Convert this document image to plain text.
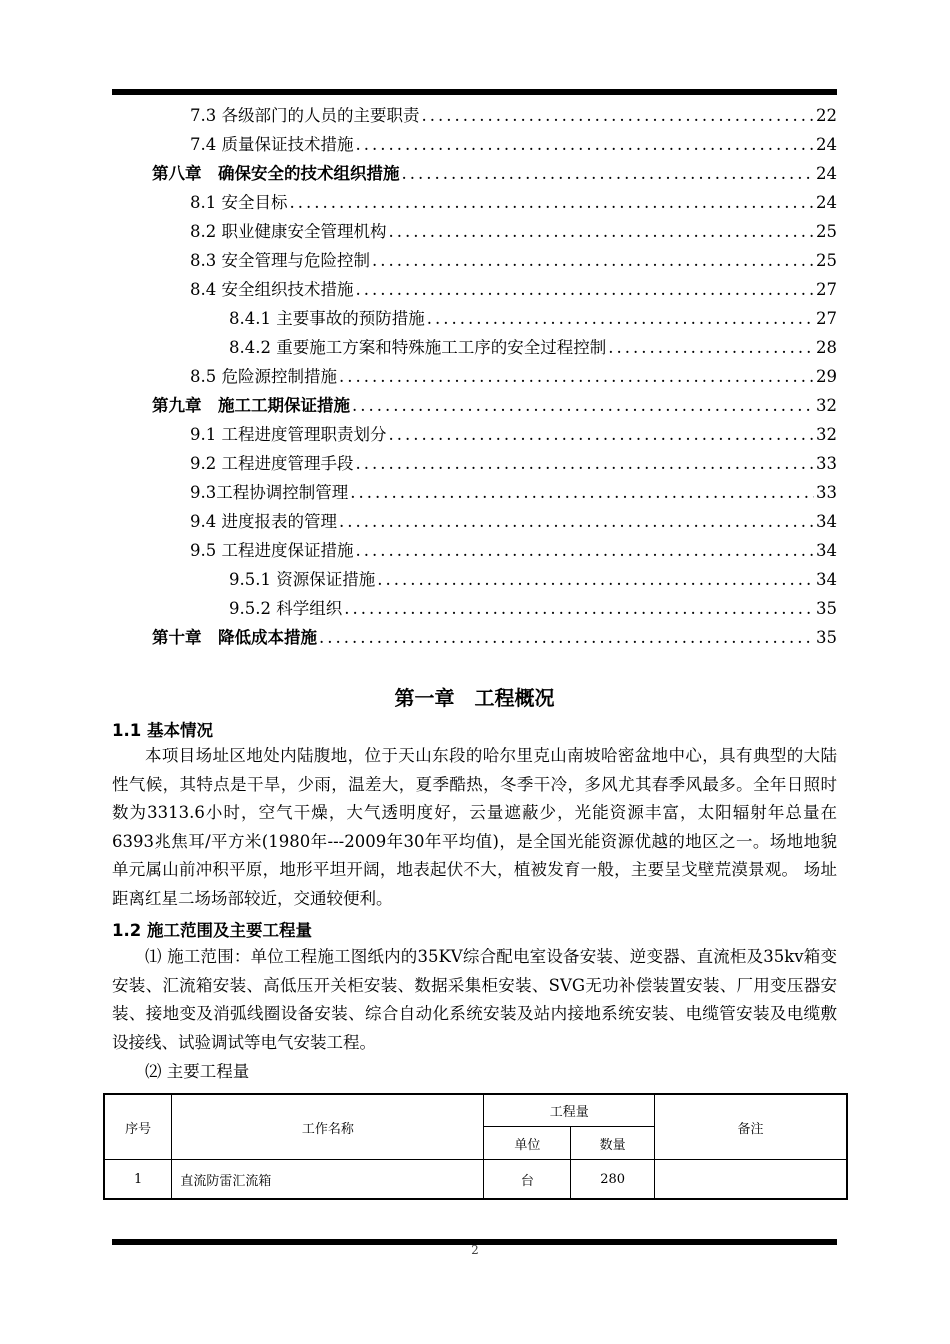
7.3 各级部门的人员的主要职责 .....	22
7.4 质量保证技术措施 .....	24
第八章　确保安全的技术组织措施 .....	24
8.1 安全目标 .....	24
8.2 职业健康安全管理机构 .....	25
8.3 安全管理与危险控制 .....	25
8.4 安全组织技术措施 .....	27
8.4.1 主要事故的预防措施 .....	27
8.4.2 重要施工方案和特殊施工工序的安全过程控制 .....	28
8.5 危险源控制措施 .....	29
第九章　施工工期保证措施 .....	32
9.1 工程进度管理职责划分 .....	32
9.2 工程进度管理手段 .....	33
9.3工程协调控制管理 .....	33
9.4 进度报表的管理 .....	34
9.5 工程进度保证措施 .....	34
9.5.1 资源保证措施 .....	34
9.5.2 科学组织 .....	35
第十章　降低成本措施 .....	35
第一章　工程概况
1.1 基本情况
本项目场址区地处内陆腹地，位于天山东段的哈尔里克山南坡哈密盆地中心，具有典型的大陆性气候，其特点是干旱，少雨，温差大，夏季酷热，冬季干冷，多风尤其春季风最多。全年日照时数为3313.6小时，空气干燥，大气透明度好，云量遮蔽少，光能资源丰富，太阳辐射年总量在6393兆焦耳/平方米(1980年---2009年30年平均值)，是全国光能资源优越的地区之一。场地地貌单元属山前冲积平原，地形平坦开阔，地表起伏不大，植被发育一般，主要呈戈壁荒漠景观。 场址距离红星二场场部较近，交通较便利。
1.2 施工范围及主要工程量
⑴ 施工范围：单位工程施工图纸内的35KV综合配电室设备安装、逆变器、直流柜及35kv箱变安装、汇流箱安装、高低压开关柜安装、数据采集柜安装、SVG无功补偿装置安装、厂用变压器安装、接地变及消弧线圈设备安装、综合自动化系统安装及站内接地系统安装、电缆管安装及电缆敷设接线、试验调试等电气安装工程。
⑵ 主要工程量
序号	工作名称	工程量		备注
		单位	数量	
1	直流防雷汇流箱	台	280	
2
